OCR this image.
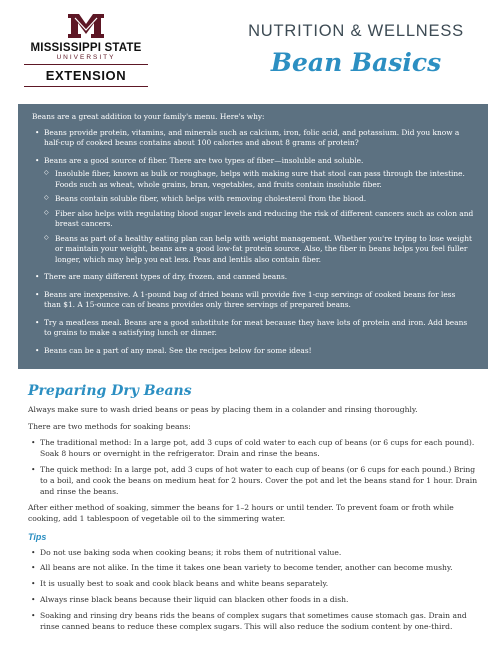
MISSISSIPPI STATE
UNIVERSITY
EXTENSION
NUTRITION & WELLNESS
Bean Basics

Beans are a great addition to your family's menu. Here's why:

• Beans provide protein, vitamins, and minerals such as calcium, iron, folic acid, and potassium. Did you know a half-cup of cooked beans contains about 100 calories and about 8 grams of protein?
• Beans are a good source of fiber. There are two types of fiber—insoluble and soluble.
◇ Insoluble fiber, known as bulk or roughage, helps with making sure that stool can pass through the intestine. Foods such as wheat, whole grains, bran, vegetables, and fruits contain insoluble fiber.
◇ Beans contain soluble fiber, which helps with removing cholesterol from the blood.
◇ Fiber also helps with regulating blood sugar levels and reducing the risk of different cancers such as colon and breast cancers.
◇ Beans as part of a healthy eating plan can help with weight management. Whether you're trying to lose weight or maintain your weight, beans are a good low-fat protein source. Also, the fiber in beans helps you feel fuller longer, which may help you eat less. Peas and lentils also contain fiber.
• There are many different types of dry, frozen, and canned beans.
• Beans are inexpensive. A 1-pound bag of dried beans will provide five 1-cup servings of cooked beans for less than $1. A 15-ounce can of beans provides only three servings of prepared beans.
• Try a meatless meal. Beans are a good substitute for meat because they have lots of protein and iron. Add beans to grains to make a satisfying lunch or dinner.
• Beans can be a part of any meal. See the recipes below for some ideas!
Preparing Dry Beans

Always make sure to wash dried beans or peas by placing them in a colander and rinsing thoroughly.

There are two methods for soaking beans:

• The traditional method: In a large pot, add 3 cups of cold water to each cup of beans (or 6 cups for each pound). Soak 8 hours or overnight in the refrigerator. Drain and rinse the beans.
• The quick method: In a large pot, add 3 cups of hot water to each cup of beans (or 6 cups for each pound.) Bring to a boil, and cook the beans on medium heat for 2 hours. Cover the pot and let the beans stand for 1 hour. Drain and rinse the beans.

After either method of soaking, simmer the beans for 1–2 hours or until tender. To prevent foam or froth while cooking, add 1 tablespoon of vegetable oil to the simmering water.

Tips
• Do not use baking soda when cooking beans; it robs them of nutritional value.
• All beans are not alike. In the time it takes one bean variety to become tender, another can become mushy.
• It is usually best to soak and cook black beans and white beans separately.
• Always rinse black beans because their liquid can blacken other foods in a dish.
• Soaking and rinsing dry beans rids the beans of complex sugars that sometimes cause stomach gas. Drain and rinse canned beans to reduce these complex sugars. This will also reduce the sodium content by one-third.
